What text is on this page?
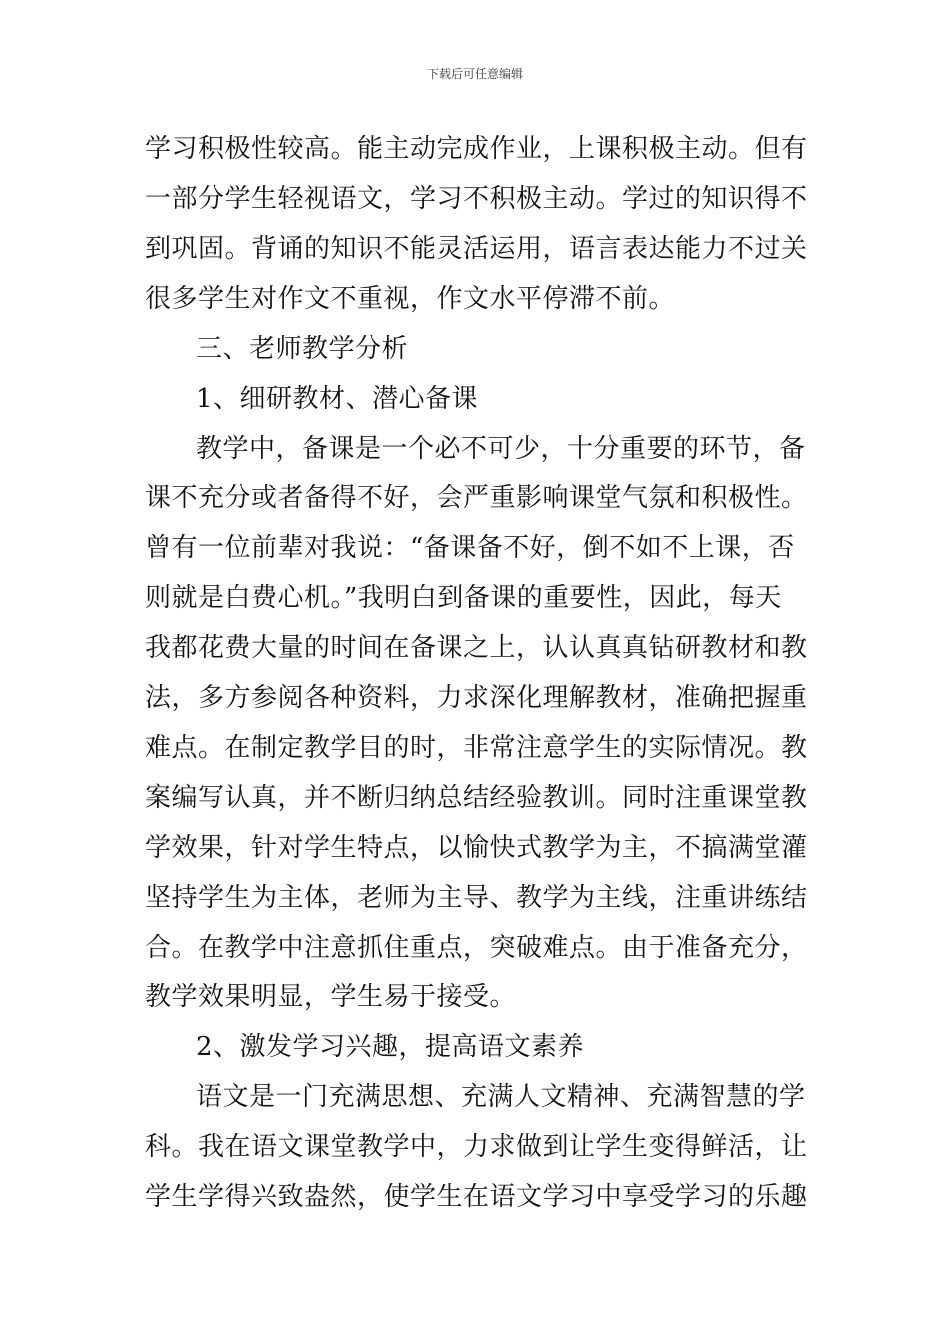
下载后可任意编辑
学习积极性较高。能主动完成作业，上课积极主动。但有
一部分学生轻视语文，学习不积极主动。学过的知识得不
到巩固。背诵的知识不能灵活运用，语言表达能力不过关
很多学生对作文不重视，作文水平停滞不前。
三、老师教学分析
1、细研教材、潜心备课
教学中，备课是一个必不可少，十分重要的环节，备
课不充分或者备得不好，会严重影响课堂气氛和积极性。
曾有一位前辈对我说：“备课备不好，倒不如不上课，否
则就是白费心机。”我明白到备课的重要性，因此，每天
我都花费大量的时间在备课之上，认认真真钻研教材和教
法，多方参阅各种资料，力求深化理解教材，准确把握重
难点。在制定教学目的时，非常注意学生的实际情况。教
案编写认真，并不断归纳总结经验教训。同时注重课堂教
学效果，针对学生特点，以愉快式教学为主，不搞满堂灌
坚持学生为主体，老师为主导、教学为主线，注重讲练结
合。在教学中注意抓住重点，突破难点。由于准备充分，
教学效果明显，学生易于接受。
2、激发学习兴趣，提高语文素养
语文是一门充满思想、充满人文精神、充满智慧的学
科。我在语文课堂教学中，力求做到让学生变得鲜活，让
学生学得兴致盎然，使学生在语文学习中享受学习的乐趣
